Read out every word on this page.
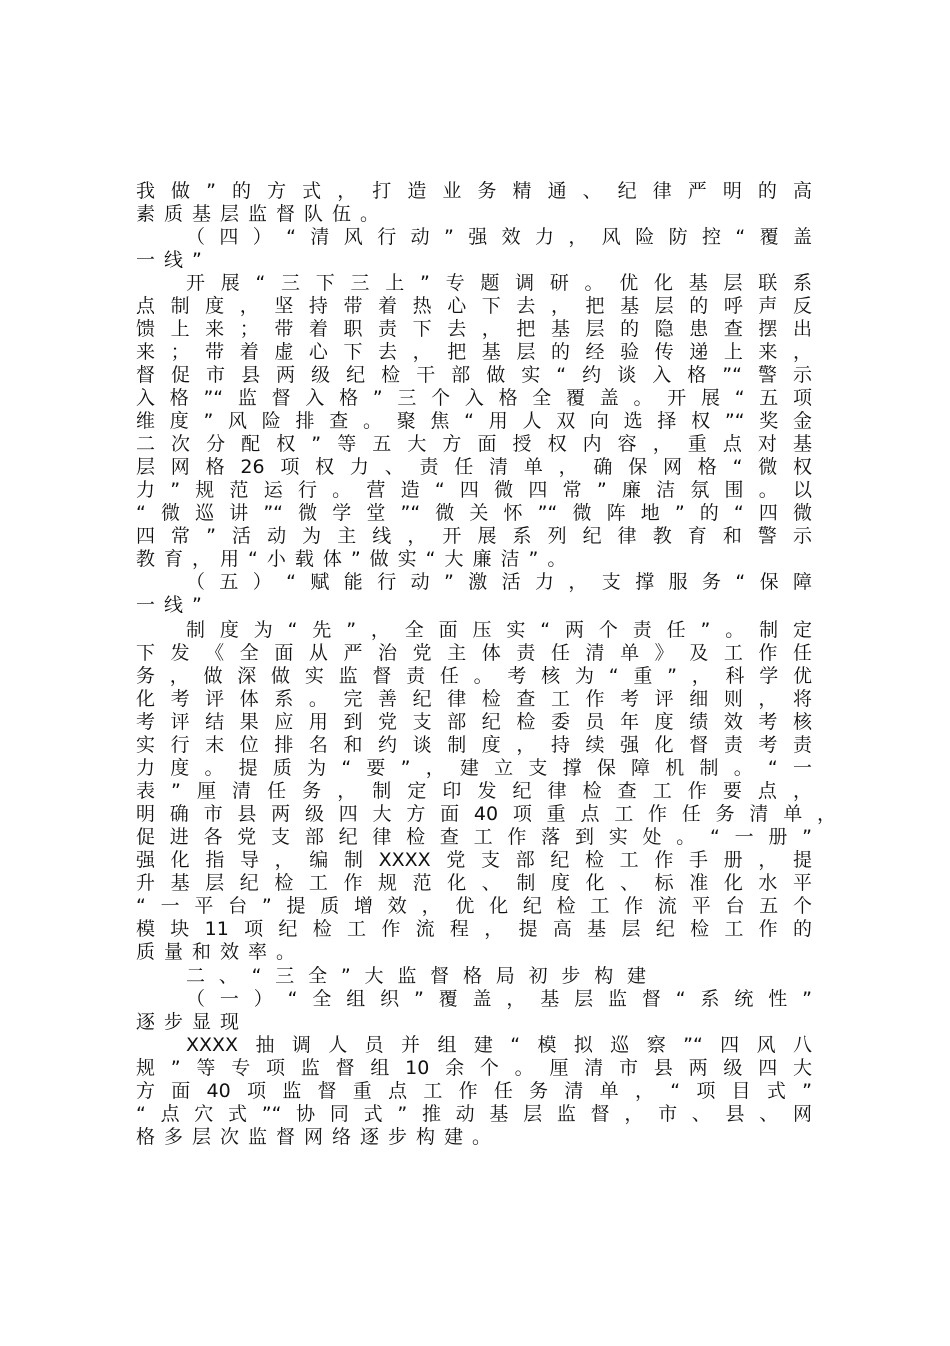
我做”的方式，打造业务精通、纪律严明的高
素质基层监督队伍。
（四）“清风行动”强效力，风险防控“覆盖
一线”
开展“三下三上”专题调研。优化基层联系
点制度，坚持带着热心下去，把基层的呼声反
馈上来；带着职责下去，把基层的隐患查摆出
来；带着虚心下去，把基层的经验传递上来，
督促市县两级纪检干部做实“约谈入格”“警示
入格”“监督入格”三个入格全覆盖。开展“五项
维度”风险排查。聚焦“用人双向选择权”“奖金
二次分配权”等五大方面授权内容，重点对基
层网格26项权力、责任清单，确保网格“微权
力”规范运行。营造“四微四常”廉洁氛围。以
“微巡讲”“微学堂”“微关怀”“微阵地”的“四微
四常”活动为主线，开展系列纪律教育和警示
教育，用“小载体”做实“大廉洁”。
（五）“赋能行动”激活力，支撑服务“保障
一线”
制度为“先”，全面压实“两个责任”。制定
下发《全面从严治党主体责任清单》及工作任
务，做深做实监督责任。考核为“重”，科学优
化考评体系。完善纪律检查工作考评细则，将
考评结果应用到党支部纪检委员年度绩效考核
实行末位排名和约谈制度，持续强化督责考责
力度。提质为“要”，建立支撑保障机制。“一
表”厘清任务，制定印发纪律检查工作要点，
明确市县两级四大方面40项重点工作任务清单，
促进各党支部纪律检查工作落到实处。“一册”
强化指导，编制XXXX党支部纪检工作手册，提
升基层纪检工作规范化、制度化、标准化水平
“一平台”提质增效，优化纪检工作流平台五个
模块11项纪检工作流程，提高基层纪检工作的
质量和效率。
二、“三全”大监督格局初步构建
（一）“全组织”覆盖，基层监督“系统性”
逐步显现
XXXX抽调人员并组建“模拟巡察”“四风八
规”等专项监督组10余个。厘清市县两级四大
方面40项监督重点工作任务清单，“项目式”
“点穴式”“协同式”推动基层监督，市、县、网
格多层次监督网络逐步构建。
